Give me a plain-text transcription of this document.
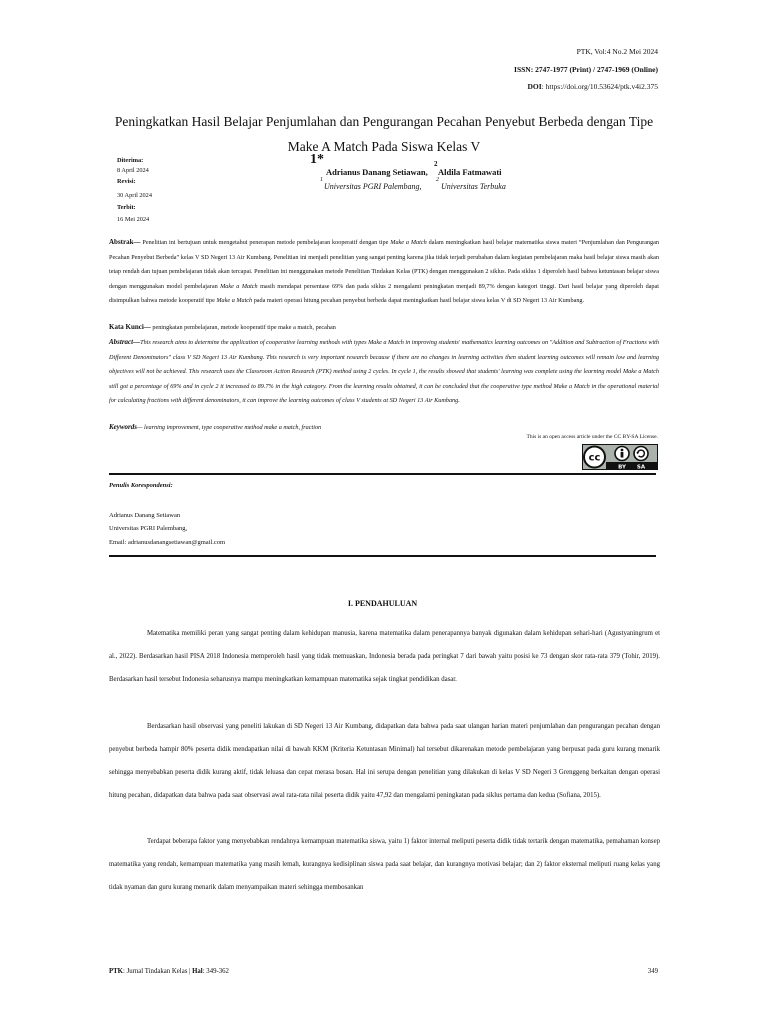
PTK, Vol:4 No.2 Mei 2024
ISSN: 2747-1977 (Print) / 2747-1969 (Online)
DOI: https://doi.org/10.53624/ptk.v4i2.375
Peningkatkan Hasil Belajar Penjumlahan dan Pengurangan Pecahan Penyebut Berbeda dengan Tipe
Make A Match Pada Siswa Kelas V
Diterima:
8 April 2024
Revisi:
30 April 2024
Terbit:
16 Mei 2024
1*
Adrianus Danang Setiawan,
2
Aldila Fatmawati
1
Universitas PGRI Palembang,
2
Universitas Terbuka
Abstrak— Penelitian ini bertujuan untuk mengetahui penerapan metode pembelajaran kooperatif dengan tipe Make a Match dalam meningkatkan hasil belajar matematika siswa materi “Penjumlahan dan Pengurangan Pecahan Penyebut Berbeda” kelas V SD Negeri 13 Air Kumbang. Penelitian ini menjadi penelitian yang sangat penting karena jika tidak terjadi perubahan dalam kegiatan pembelajaran maka hasil belajar siswa masih akan tetap rendah dan tujuan pembelajaran tidak akan tercapai. Penelitian ini menggunakan metode Penelitian Tindakan Kelas (PTK) dengan menggunakan 2 siklus. Pada siklus 1 diperoleh hasil bahwa ketuntasan belajar siswa dengan menggunakan model pembelajaran Make a Match masih mendapat persentase 69% dan pada siklus 2 mengalami peningkatan menjadi 89,7% dengan kategori tinggi. Dari hasil belajar yang diperoleh dapat disimpulkan bahwa metode kooperatif tipe Make a Match pada materi operasi hitung pecahan penyebut berbeda dapat meningkatkan hasil belajar siswa kelas V di SD Negeri 13 Air Kumbang.
Kata Kunci— peningkatan pembelajaran, metode kooperatif tipe make a match, pecahan
Abstract—This research aims to determine the application of cooperative learning methods with types Make a Match in improving students' mathematics learning outcomes on "Addition and Subtraction of Fractions with Different Denominators" class V SD Negeri 13 Air Kumbang. This research is very important research because if there are no changes in learning activities then student learning outcomes will remain low and learning objectives will not be achieved. This research uses the Classroom Action Research (PTK) method using 2 cycles. In cycle 1, the results showed that students' learning was complete using the learning model Make a Match still got a percentage of 69% and in cycle 2 it increased to 89.7% in the high category. From the learning results obtained, it can be concluded that the cooperative type method Make a Match in the operational material for calculating fractions with different denominators, it can improve the learning outcomes of class V students at SD Negeri 13 Air Kumbang.
Keywords— learning improvement, type cooperative method make a match, fraction
This is an open access article under the CC BY-SA License.
cc
BY SA
Penulis Korespondensi:
Adrianus Danang Setiawan
Universitas PGRI Palembang,
Email: adrianusdanangsetiawan@gmail.com
I. PENDAHULUAN
Matematika memiliki peran yang sangat penting dalam kehidupan manusia, karena matematika dalam penerapannya banyak digunakan dalam kehidupan sehari-hari (Agustyaningrum et al., 2022). Berdasarkan hasil PISA 2018 Indonesia memperoleh hasil yang tidak memuaskan, Indonesia berada pada peringkat 7 dari bawah yaitu posisi ke 73 dengan skor rata-rata 379 (Tohir, 2019). Berdasarkan hasil tersebut Indonesia seharusnya mampu meningkatkan kemampuan matematika sejak tingkat pendidikan dasar.
Berdasarkan hasil observasi yang peneliti lakukan di SD Negeri 13 Air Kumbang, didapatkan data bahwa pada saat ulangan harian materi penjumlahan dan pengurangan pecahan dengan penyebut berbeda hampir 80% peserta didik mendapatkan nilai di bawah KKM (Kriteria Ketuntasan Minimal) hal tersebut dikarenakan metode pembelajaran yang berpusat pada guru kurang menarik sehingga menyebabkan peserta didik kurang aktif, tidak leluasa dan cepat merasa bosan. Hal ini serupa dengan penelitian yang dilakukan di kelas V SD Negeri 3 Grenggeng berkaitan dengan operasi hitung pecahan, didapatkan data bahwa pada saat observasi awal rata-rata nilai peserta didik yaitu 47,92 dan mengalami peningkatan pada siklus pertama dan kedua (Sofiana, 2015).
Terdapat beberapa faktor yang menyebabkan rendahnya kemampuan matematika siswa, yaitu 1) faktor internal meliputi peserta didik tidak tertarik dengan matematika, pemahaman konsep matematika yang rendah, kemampuan matematika yang masih lemah, kurangnya kedisiplinan siswa pada saat belajar, dan kurangnya motivasi belajar; dan 2) faktor eksternal meliputi ruang kelas yang tidak nyaman dan guru kurang menarik dalam menyampaikan materi sehingga membosankan
PTK: Jurnal Tindakan Kelas | Hal: 349-362	349
